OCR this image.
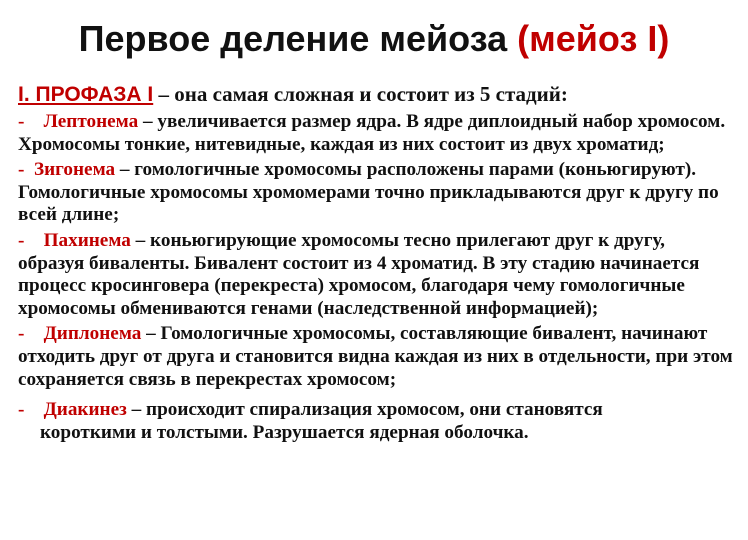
Первое деление мейоза (мейоз I)
I. ПРОФАЗА I – она самая сложная и состоит из 5 стадий:
- Лептонема – увеличивается размер ядра. В ядре диплоидный набор хромосом. Хромосомы тонкие, нитевидные, каждая из них состоит из двух хроматид;
- Зигонема – гомологичные хромосомы расположены парами (коньюгируют). Гомологичные хромосомы хромомерами точно прикладываются друг к другу по всей длине;
- Пахинема – коньюгирующие хромосомы тесно прилегают друг к другу, образуя биваленты. Бивалент состоит из 4 хроматид. В эту стадию начинается процесс кросинговера (перекреста) хромосом, благодаря чему гомологичные хромосомы обмениваются генами (наследственной информацией);
- Диплонема – Гомологичные хромосомы, составляющие бивалент, начинают отходить друг от друга и становится видна каждая из них в отдельности, при этом сохраняется связь в перекрестах хромосом;
- Диакинез – происходит спирализация хромосом, они становятся
короткими и толстыми. Разрушается ядерная оболочка.
